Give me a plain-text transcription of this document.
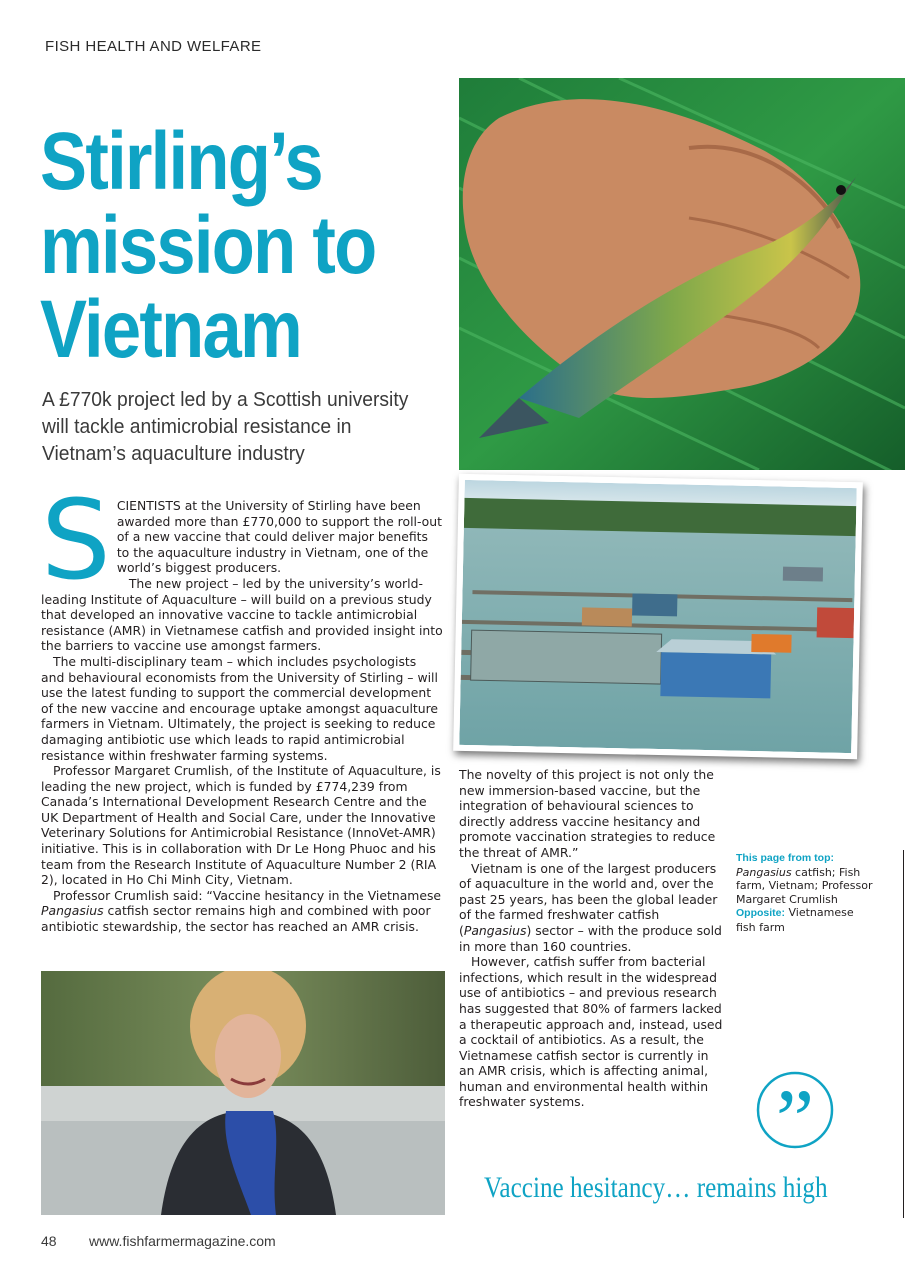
FISH HEALTH AND WELFARE
Stirling’s
mission to
Vietnam

A £770k project led by a Scottish university will tackle antimicrobial resistance in Vietnam’s aquaculture industry

SCIENTISTS at the University of Stirling have been awarded more than £770,000 to support the roll-out of a new vaccine that could deliver major benefits to the aquaculture industry in Vietnam, one of the world’s biggest producers.

The new project – led by the university’s world-leading Institute of Aquaculture – will build on a previous study that developed an innovative vaccine to tackle antimicrobial resistance (AMR) in Vietnamese catfish and provided insight into the barriers to vaccine use amongst farmers.

The multi-disciplinary team – which includes psychologists and behavioural economists from the University of Stirling – will use the latest funding to support the commercial development of the new vaccine and encourage uptake amongst aquaculture farmers in Vietnam. Ultimately, the project is seeking to reduce damaging antibiotic use which leads to rapid antimicrobial resistance within freshwater farming systems.

Professor Margaret Crumlish, of the Institute of Aquaculture, is leading the new project, which is funded by £774,239 from Canada’s International Development Research Centre and the UK Department of Health and Social Care, under the Innovative Veterinary Solutions for Antimicrobial Resistance (InnoVet-AMR) initiative. This is in collaboration with Dr Le Hong Phuoc and his team from the Research Institute of Aquaculture Number 2 (RIA 2), located in Ho Chi Minh City, Vietnam.

Professor Crumlish said: “Vaccine hesitancy in the Vietnamese Pangasius catfish sector remains high and combined with poor antibiotic stewardship, the sector has reached an AMR crisis.

The novelty of this project is not only the new immersion-based vaccine, but the integration of behavioural sciences to directly address vaccine hesitancy and promote vaccination strategies to reduce the threat of AMR.”

Vietnam is one of the largest producers of aquaculture in the world and, over the past 25 years, has been the global leader of the farmed freshwater catfish (Pangasius) sector – with the produce sold in more than 160 countries.

However, catfish suffer from bacterial infections, which result in the widespread use of antibiotics – and previous research has suggested that 80% of farmers lacked a therapeutic approach and, instead, used a cocktail of antibiotics. As a result, the Vietnamese catfish sector is currently in an AMR crisis, which is affecting animal, human and environmental health within freshwater systems.

This page from top:
Pangasius catfish; Fish farm, Vietnam; Professor Margaret Crumlish
Opposite: Vietnamese fish farm
”
Vaccine hesitancy… remains high
48 www.fishfarmermagazine.com
